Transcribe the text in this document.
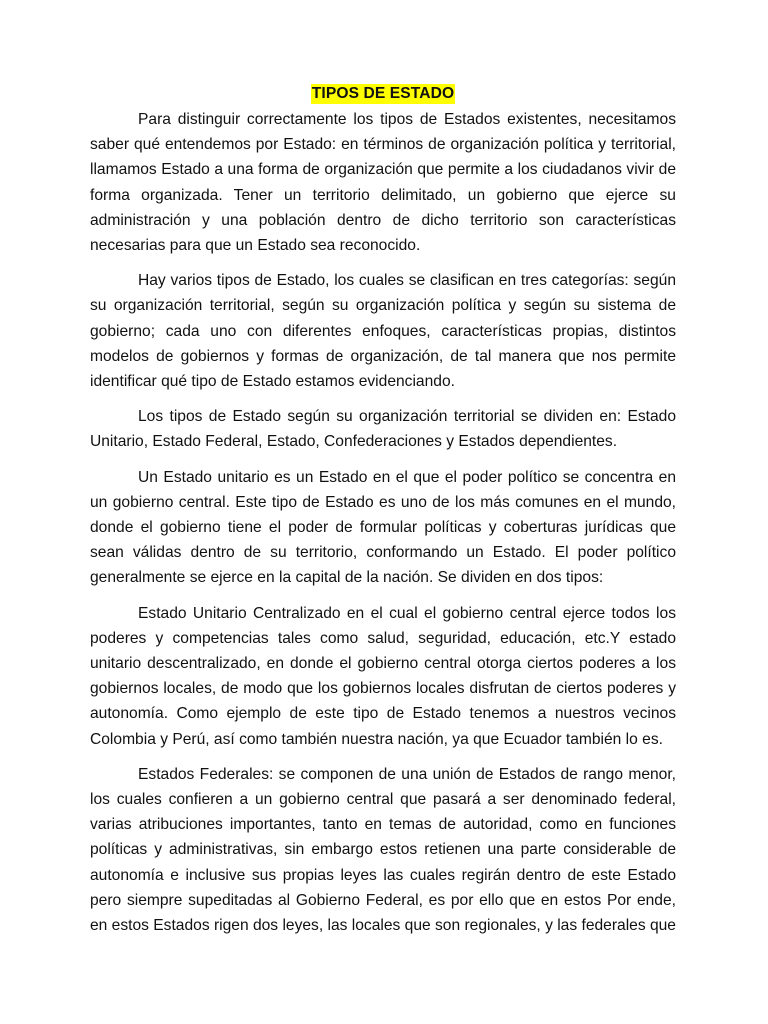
TIPOS DE ESTADO

Para distinguir correctamente los tipos de Estados existentes, necesitamos saber qué entendemos por Estado: en términos de organización política y territorial, llamamos Estado a una forma de organización que permite a los ciudadanos vivir de forma organizada. Tener un territorio delimitado, un gobierno que ejerce su administración y una población dentro de dicho territorio son características necesarias para que un Estado sea reconocido.

Hay varios tipos de Estado, los cuales se clasifican en tres categorías: según su organización territorial, según su organización política y según su sistema de gobierno; cada uno con diferentes enfoques, características propias, distintos modelos de gobiernos y formas de organización, de tal manera que nos permite identificar qué tipo de Estado estamos evidenciando.

Los tipos de Estado según su organización territorial se dividen en: Estado Unitario, Estado Federal, Estado, Confederaciones y Estados dependientes.

Un Estado unitario es un Estado en el que el poder político se concentra en un gobierno central. Este tipo de Estado es uno de los más comunes en el mundo, donde el gobierno tiene el poder de formular políticas y coberturas jurídicas que sean válidas dentro de su territorio, conformando un Estado. El poder político generalmente se ejerce en la capital de la nación. Se dividen en dos tipos:

Estado Unitario Centralizado en el cual el gobierno central ejerce todos los poderes y competencias tales como salud, seguridad, educación, etc.Y estado unitario descentralizado, en donde el gobierno central otorga ciertos poderes a los gobiernos locales, de modo que los gobiernos locales disfrutan de ciertos poderes y autonomía. Como ejemplo de este tipo de Estado tenemos a nuestros vecinos Colombia y Perú, así como también nuestra nación, ya que Ecuador también lo es.

Estados Federales: se componen de una unión de Estados de rango menor, los cuales confieren a un gobierno central que pasará a ser denominado federal, varias atribuciones importantes, tanto en temas de autoridad, como en funciones políticas y administrativas, sin embargo estos retienen una parte considerable de autonomía e inclusive sus propias leyes las cuales regirán dentro de este Estado pero siempre supeditadas al Gobierno Federal, es por ello que en estos Por ende, en estos Estados rigen dos leyes, las locales que son regionales, y las federales que
